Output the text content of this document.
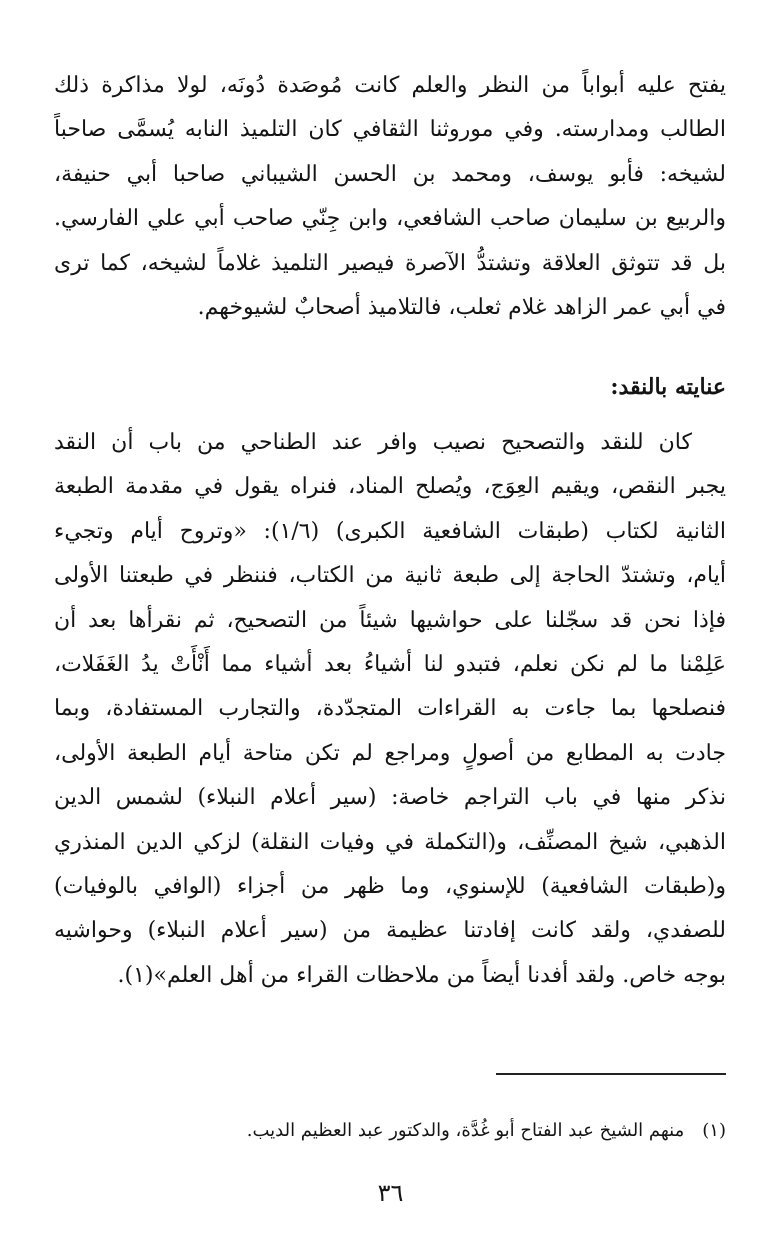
يفتح عليه أبواباً من النظر والعلم كانت مُوصَدة دُونَه، لولا مذاكرة ذلك
الطالب ومدارسته. وفي موروثنا الثقافي كان التلميذ النابه يُسمَّى صاحباً
لشيخه: فأبو يوسف، ومحمد بن الحسن الشيباني صاحبا أبي حنيفة،
والربيع بن سليمان صاحب الشافعي، وابن جِنّي صاحب أبي علي الفارسي.
بل قد تتوثق العلاقة وتشتدُّ الآصرة فيصير التلميذ غلاماً لشيخه، كما ترى
في أبي عمر الزاهد غلام ثعلب، فالتلاميذ أصحابٌ لشيوخهم.
عنايته بالنقد:
كان للنقد والتصحيح نصيب وافر عند الطناحي من باب أن النقد
يجبر النقص، ويقيم العِوَج، ويُصلح المناد، فنراه يقول في مقدمة الطبعة
الثانية لكتاب (طبقات الشافعية الكبرى) (١/٦): «وتروح أيام وتجيء
أيام، وتشتدّ الحاجة إلى طبعة ثانية من الكتاب، فننظر في طبعتنا الأولى
فإذا نحن قد سجّلنا على حواشيها شيئاً من التصحيح، ثم نقرأها بعد أن
عَلِمْنا ما لم نكن نعلم، فتبدو لنا أشياءُ بعد أشياء مما أَنْأَتْ يدُ الغَفَلات،
فنصلحها بما جاءت به القراءات المتجدّدة، والتجارب المستفادة، وبما
جادت به المطابع من أصولٍ ومراجع لم تكن متاحة أيام الطبعة الأولى،
نذكر منها في باب التراجم خاصة: (سير أعلام النبلاء) لشمس الدين
الذهبي، شيخ المصنِّف، و(التكملة في وفيات النقلة) لزكي الدين المنذري
و(طبقات الشافعية) للإسنوي، وما ظهر من أجزاء (الوافي بالوفيات)
للصفدي، ولقد كانت إفادتنا عظيمة من (سير أعلام النبلاء) وحواشيه
بوجه خاص. ولقد أفدنا أيضاً من ملاحظات القراء من أهل العلم»(١).
(١)منهم الشيخ عبد الفتاح أبو غُدَّة، والدكتور عبد العظيم الديب.
٣٦
